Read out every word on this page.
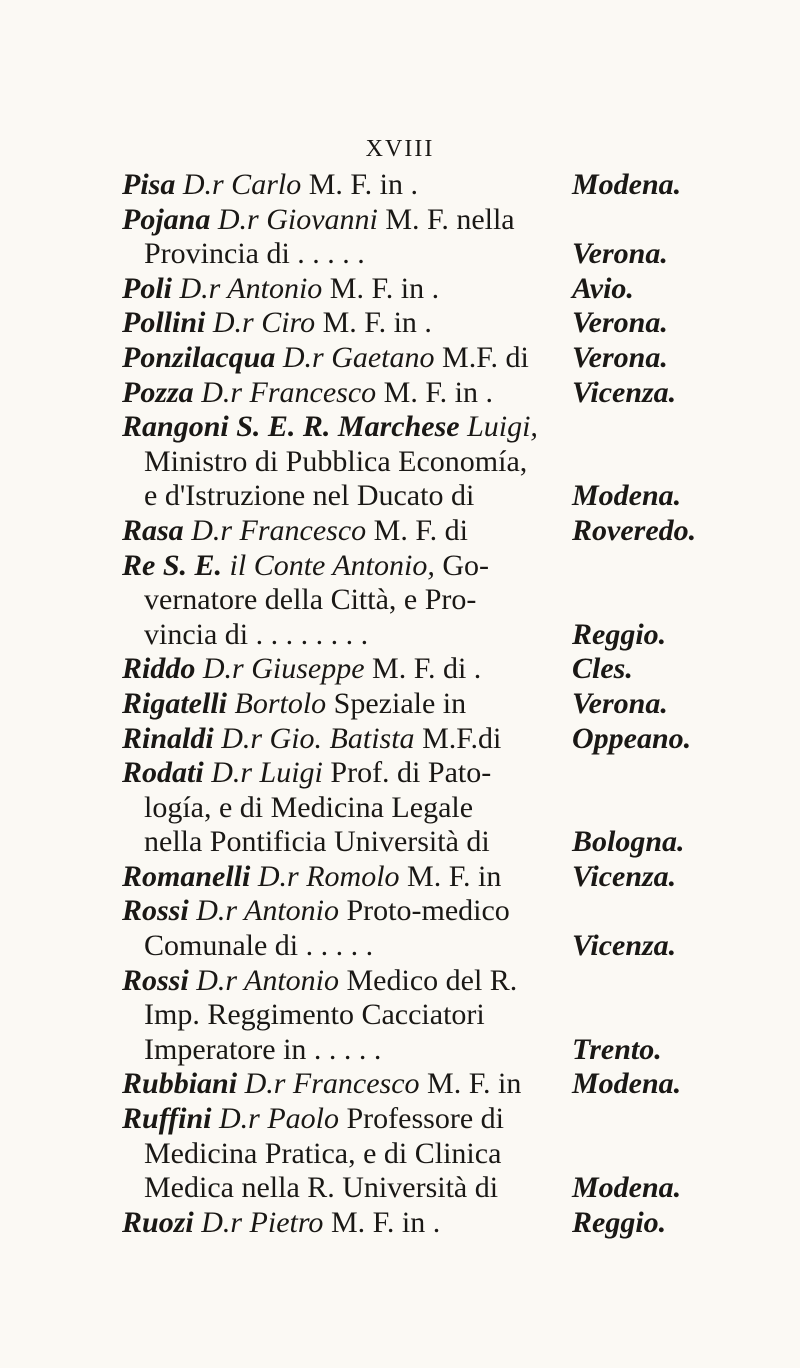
XVIII
Pisa D.r Carlo M. F. in .	Modena.
Pojana D.r Giovanni M. F. nella
Provincia di . . . . .	Verona.
Poli D.r Antonio M. F. in .	Avio.
Pollini D.r Ciro M. F. in .	Verona.
Ponzilacqua D.r Gaetano M.F. di	Verona.
Pozza D.r Francesco M. F. in .	Vicenza.
Rangoni S. E. R. Marchese Luigi,
Ministro di Pubblica Economía,
e d'Istruzione nel Ducato di	Modena.
Rasa D.r Francesco M. F. di	Roveredo.
Re S. E. il Conte Antonio, Go-
vernatore della Città, e Pro-
vincia di . . . . . . . .	Reggio.
Riddo D.r Giuseppe M. F. di .	Cles.
Rigatelli Bortolo Speziale in	Verona.
Rinaldi D.r Gio. Batista M.F.di	Oppeano.
Rodati D.r Luigi Prof. di Pato-
logía, e di Medicina Legale
nella Pontificia Università di	Bologna.
Romanelli D.r Romolo M. F. in	Vicenza.
Rossi D.r Antonio Proto-medico
Comunale di . . . . .	Vicenza.
Rossi D.r Antonio Medico del R.
Imp. Reggimento Cacciatori
Imperatore in . . . . .	Trento.
Rubbiani D.r Francesco M. F. in	Modena.
Ruffini D.r Paolo Professore di
Medicina Pratica, e di Clinica
Medica nella R. Università di	Modena.
Ruozi D.r Pietro M. F. in .	Reggio.
